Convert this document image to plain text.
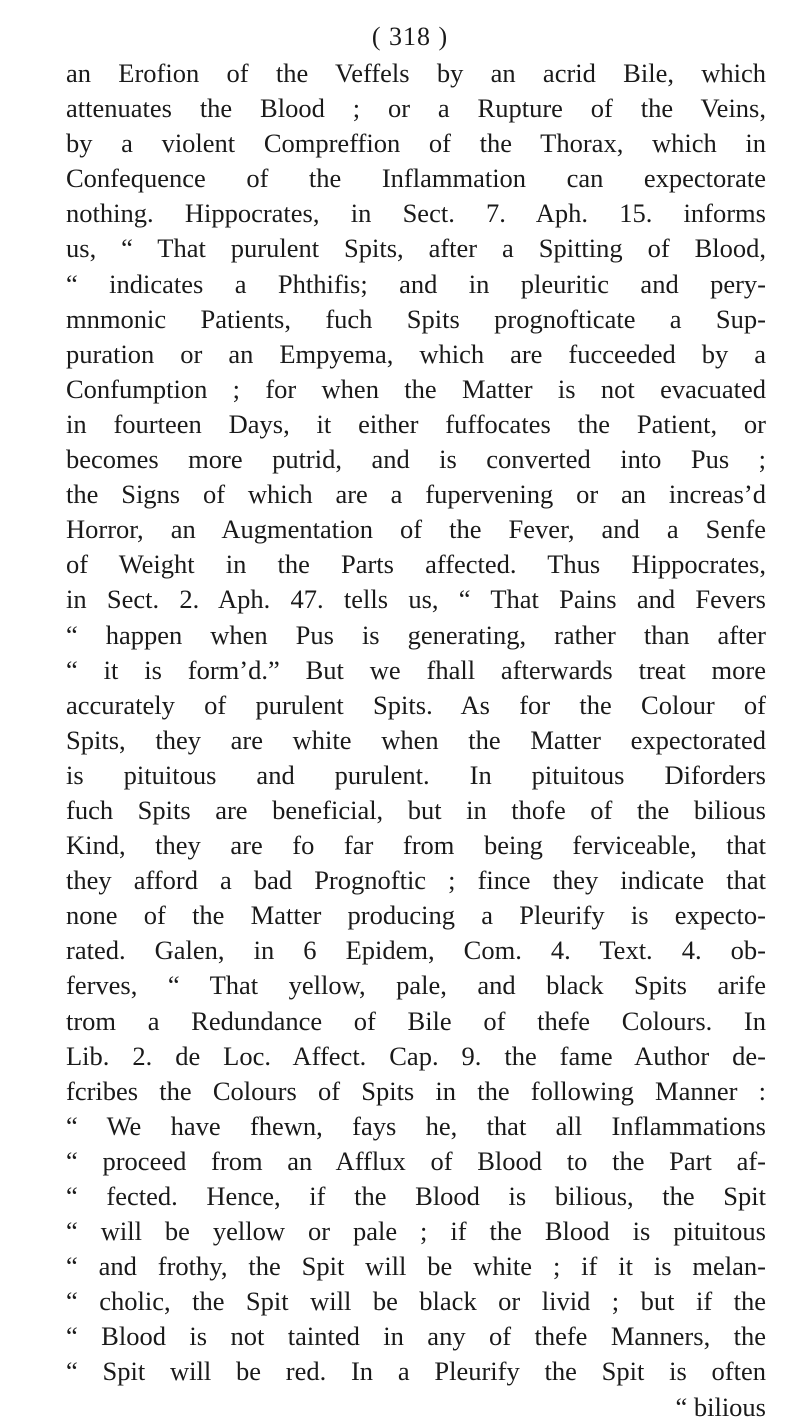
( 318 )
an Erofion of the Veffels by an acrid Bile, which
attenuates the Blood ; or a Rupture of the Veins,
by a violent Compreffion of the Thorax, which in
Confequence of the Inflammation can expectorate
nothing. Hippocrates, in Sect. 7. Aph. 15. informs
us, “ That purulent Spits, after a Spitting of Blood,
“ indicates a Phthifis; and in pleuritic and pery-
mnmonic Patients, fuch Spits prognofticate a Sup-
puration or an Empyema, which are fucceeded by a
Confumption ; for when the Matter is not evacuated
in fourteen Days, it either fuffocates the Patient, or
becomes more putrid, and is converted into Pus ;
the Signs of which are a fupervening or an increas’d
Horror, an Augmentation of the Fever, and a Senfe
of Weight in the Parts affected. Thus Hippocrates,
in Sect. 2. Aph. 47. tells us, “ That Pains and Fevers
“ happen when Pus is generating, rather than after
“ it is form’d.” But we fhall afterwards treat more
accurately of purulent Spits. As for the Colour of
Spits, they are white when the Matter expectorated
is pituitous and purulent. In pituitous Diforders
fuch Spits are beneficial, but in thofe of the bilious
Kind, they are fo far from being ferviceable, that
they afford a bad Prognoftic ; fince they indicate that
none of the Matter producing a Pleurify is expecto-
rated. Galen, in 6 Epidem, Com. 4. Text. 4. ob-
ferves, “ That yellow, pale, and black Spits arife
trom a Redundance of Bile of thefe Colours. In
Lib. 2. de Loc. Affect. Cap. 9. the fame Author de-
fcribes the Colours of Spits in the following Manner :
“ We have fhewn, fays he, that all Inflammations
“ proceed from an Afflux of Blood to the Part af-
“ fected. Hence, if the Blood is bilious, the Spit
“ will be yellow or pale ; if the Blood is pituitous
“ and frothy, the Spit will be white ; if it is melan-
“ cholic, the Spit will be black or livid ; but if the
“ Blood is not tainted in any of thefe Manners, the
“ Spit will be red. In a Pleurify the Spit is often
“ bilious
